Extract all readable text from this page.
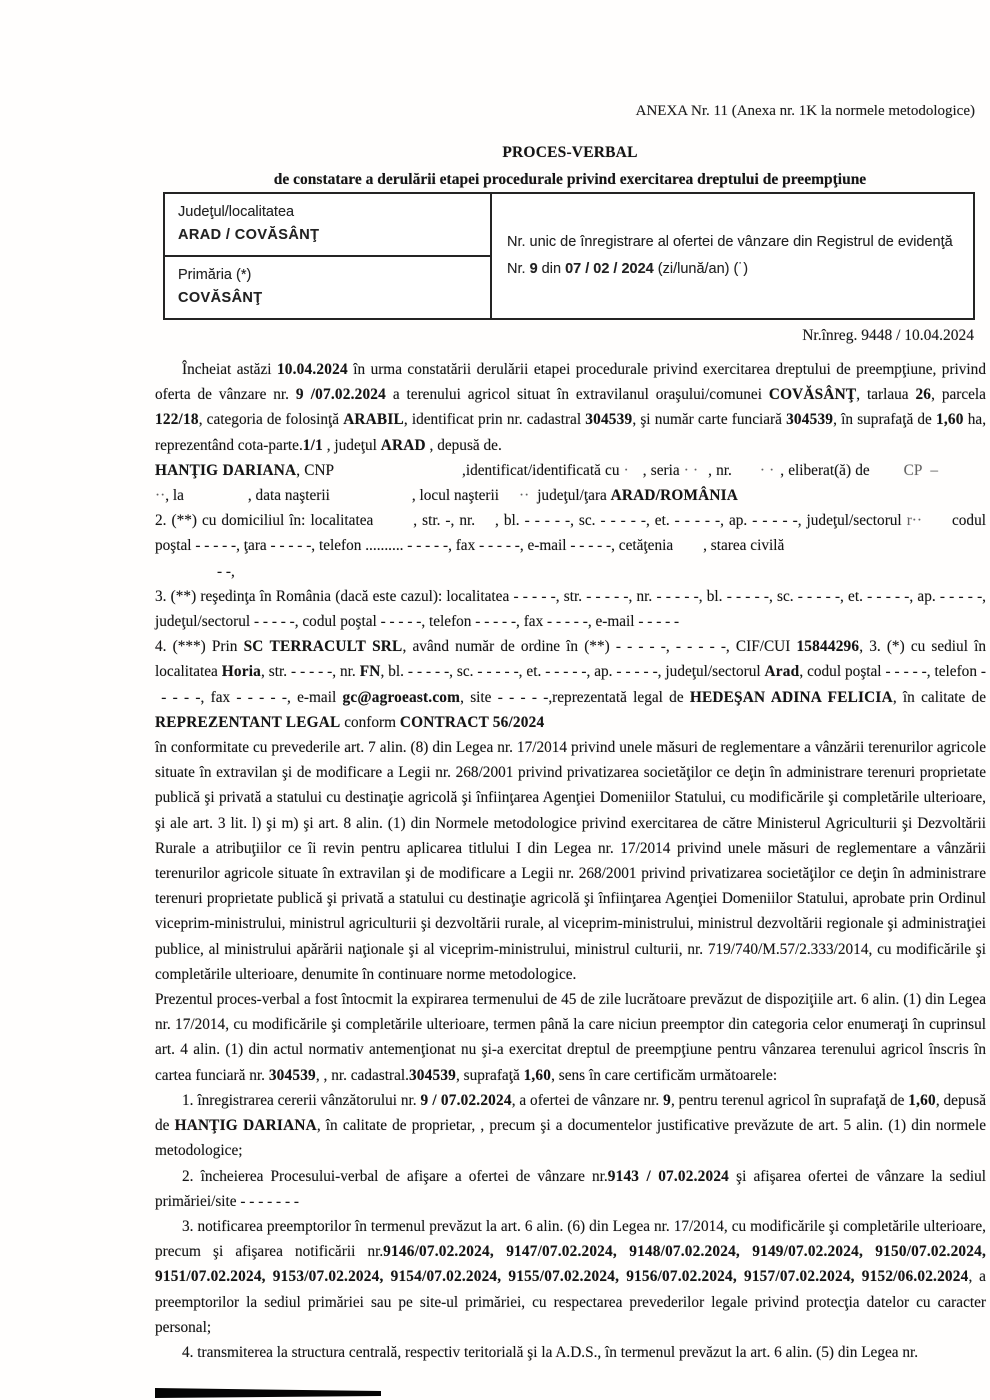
ANEXA Nr. 11 (Anexa nr. 1K la normele metodologice)
PROCES-VERBAL
de constatare a derulării etapei procedurale privind exercitarea dreptului de preempţiune
Judeţul/localitatea
ARAD / COVĂSÂNŢ
Primăria (*)
COVĂSÂNŢ
Nr. unic de înregistrare al ofertei de vânzare din Registrul de evidenţă
Nr. 9 din 07 / 02 / 2024 (zi/lună/an) (˙)
Nr.înreg. 9448 / 10.04.2024

Încheiat astăzi 10.04.2024 în urma constatării derulării etapei procedurale privind exercitarea dreptului de preempţiune, privind oferta de vânzare nr. 9 /07.02.2024 a terenului agricol situat în extravilanul oraşului/comunei COVĂSÂNŢ, tarlaua 26, parcela 122/18, categoria de folosinţă ARABIL, identificat prin nr. cadastral 304539, şi număr carte funciară 304539, în suprafaţă de 1,60 ha, reprezentând cota-parte.1/1 , judeţul ARAD , depusă de.

HANŢIG DARIANA, CNP	,identificat/identificată cu · , seria · · , nr. · · , eliberat(ă) de CP –··, la	, data naşterii	, locul naşterii ·· judeţul/ţara ARAD/ROMÂNIA

2. (**) cu domiciliul în: localitatea	, str. -, nr. , bl. - - - - -, sc. - - - - -, et. - - - - -, ap. - - - - -, judeţul/sectorul r·· codul poştal - - - - -, ţara - - - - -, telefon .......... - - - - -, fax - - - - -, e-mail - - - - -, cetăţenia , starea civilă

- -,

3. (**) reşedinţa în România (dacă este cazul): localitatea - - - - -, str. - - - - -, nr. - - - - -, bl. - - - - -, sc. - - - - -, et. - - - - -, ap. - - - - -, judeţul/sectorul - - - - -, codul poştal - - - - -, telefon - - - - -, fax - - - - -, e-mail - - - - -

4. (***) Prin SC TERRACULT SRL, având număr de ordine în (**) - - - - -, - - - - -, CIF/CUI 15844296, 3. (*) cu sediul în localitatea Horia, str. - - - - -, nr. FN, bl. - - - - -, sc. - - - - -, et. - - - - -, ap. - - - - -, judeţul/sectorul Arad, codul poştal - - - - -, telefon - - - - -, fax - - - - -, e-mail gc@agroeast.com, site - - - - -,reprezentată legal de HEDEŞAN ADINA FELICIA, în calitate de REPREZENTANT LEGAL conform CONTRACT 56/2024

în conformitate cu prevederile art. 7 alin. (8) din Legea nr. 17/2014 privind unele măsuri de reglementare a vânzării terenurilor agricole situate în extravilan şi de modificare a Legii nr. 268/2001 privind privatizarea societăţilor ce deţin în administrare terenuri proprietate publică şi privată a statului cu destinaţie agricolă şi înfiinţarea Agenţiei Domeniilor Statului, cu modificările şi completările ulterioare, şi ale art. 3 lit. l) şi m) şi art. 8 alin. (1) din Normele metodologice privind exercitarea de către Ministerul Agriculturii şi Dezvoltării Rurale a atribuţiilor ce îi revin pentru aplicarea titlului I din Legea nr. 17/2014 privind unele măsuri de reglementare a vânzării terenurilor agricole situate în extravilan şi de modificare a Legii nr. 268/2001 privind privatizarea societăţilor ce deţin în administrare terenuri proprietate publică şi privată a statului cu destinaţie agricolă şi înfiinţarea Agenţiei Domeniilor Statului, aprobate prin Ordinul viceprim-ministrului, ministrul agriculturii şi dezvoltării rurale, al viceprim-ministrului, ministrul dezvoltării regionale şi administraţiei publice, al ministrului apărării naţionale şi al viceprim-ministrului, ministrul culturii, nr. 719/740/M.57/2.333/2014, cu modificările şi completările ulterioare, denumite în continuare norme metodologice.

Prezentul proces-verbal a fost întocmit la expirarea termenului de 45 de zile lucrătoare prevăzut de dispoziţiile art. 6 alin. (1) din Legea nr. 17/2014, cu modificările şi completările ulterioare, termen până la care niciun preemptor din categoria celor enumeraţi în cuprinsul art. 4 alin. (1) din actul normativ antemenţionat nu şi-a exercitat dreptul de preempţiune pentru vânzarea terenului agricol înscris în cartea funciară nr. 304539, , nr. cadastral.304539, suprafaţă 1,60, sens în care certificăm următoarele:

1. înregistrarea cererii vânzătorului nr. 9 / 07.02.2024, a ofertei de vânzare nr. 9, pentru terenul agricol în suprafaţă de 1,60, depusă de HANŢIG DARIANA, în calitate de proprietar, , precum şi a documentelor justificative prevăzute de art. 5 alin. (1) din normele metodologice;

2. încheierea Procesului-verbal de afişare a ofertei de vânzare nr.9143 / 07.02.2024 şi afişarea ofertei de vânzare la sediul primăriei/site - - - - - - -

3. notificarea preemptorilor în termenul prevăzut la art. 6 alin. (6) din Legea nr. 17/2014, cu modificările şi completările ulterioare, precum şi afişarea notificării nr.9146/07.02.2024, 9147/07.02.2024, 9148/07.02.2024, 9149/07.02.2024, 9150/07.02.2024, 9151/07.02.2024, 9153/07.02.2024, 9154/07.02.2024, 9155/07.02.2024, 9156/07.02.2024, 9157/07.02.2024, 9152/06.02.2024, a preemptorilor la sediul primăriei sau pe site-ul primăriei, cu respectarea prevederilor legale privind protecţia datelor cu caracter personal;

4. transmiterea la structura centrală, respectiv teritorială şi la A.D.S., în termenul prevăzut la art. 6 alin. (5) din Legea nr.
